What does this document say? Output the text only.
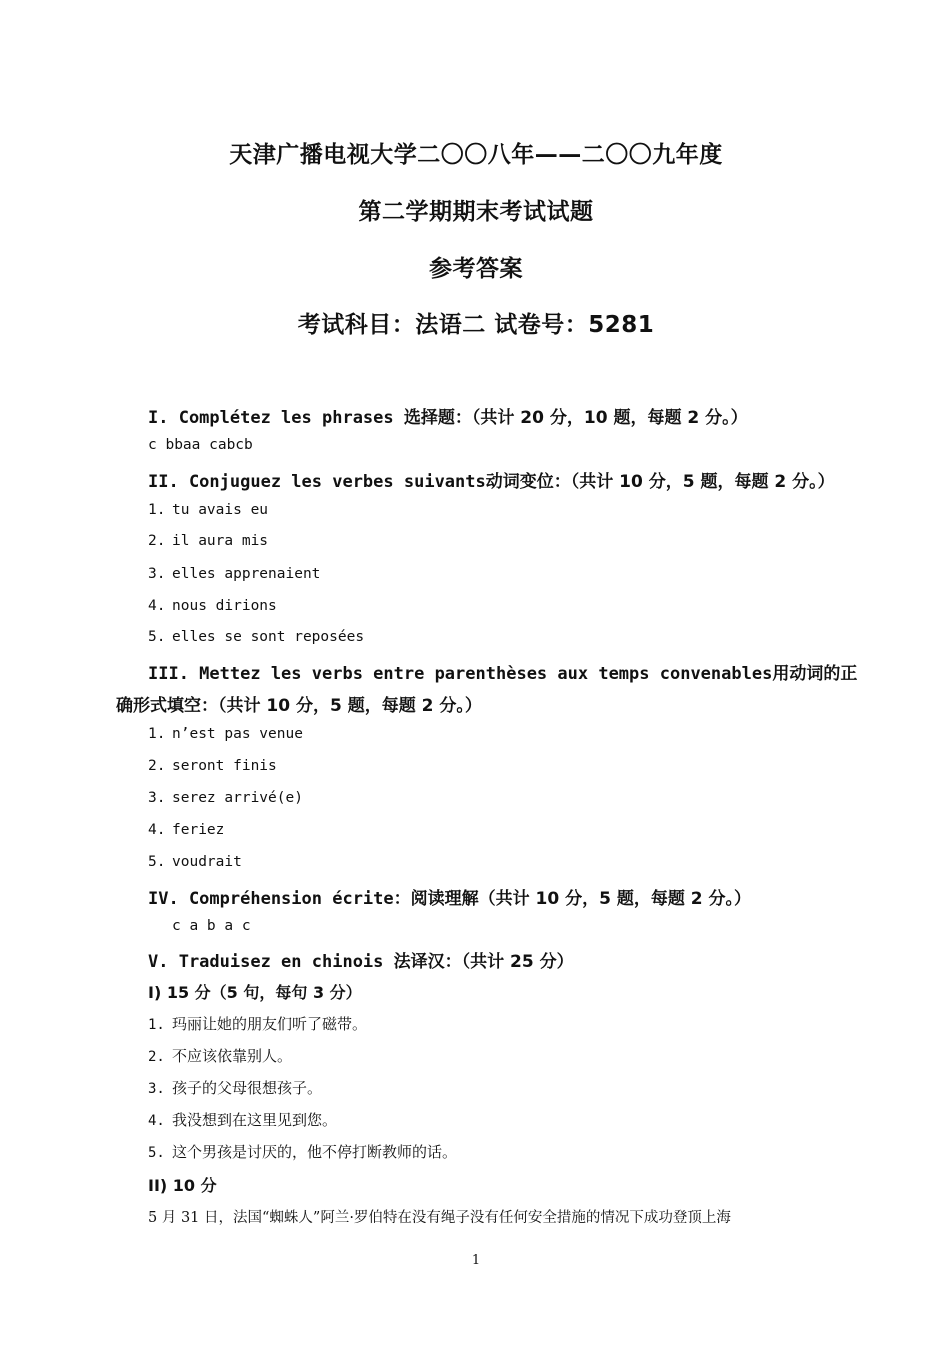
天津广播电视大学二〇〇八年——二〇〇九年度
第二学期期末考试试题
参考答案
考试科目：法语二 试卷号：5281
I. Complétez les phrases 选择题：（共计 20 分，10 题，每题 2 分。）
c bbaa cabcb
II. Conjuguez les verbes suivants动词变位：（共计 10 分，5 题，每题 2 分。）
1. tu avais eu
2. il aura mis
3. elles apprenaient
4. nous dirions
5. elles se sont reposées
III. Mettez les verbs entre parenthèses aux temps convenables用动词的正
确形式填空：（共计 10 分，5 题，每题 2 分。）
1. n’est pas venue
2. seront finis
3. serez arrivé(e)
4. feriez
5. voudrait
IV. Compréhension écrite：阅读理解（共计 10 分，5 题，每题 2 分。）
c a b a c
V. Traduisez en chinois 法译汉：（共计 25 分）
I) 15 分（5 句，每句 3 分）
1. 玛丽让她的朋友们听了磁带。
2. 不应该依靠别人。
3. 孩子的父母很想孩子。
4. 我没想到在这里见到您。
5. 这个男孩是讨厌的，他不停打断教师的话。
II) 10 分
5 月 31 日，法国“蜘蛛人”阿兰·罗伯特在没有绳子没有任何安全措施的情况下成功登顶上海
1
